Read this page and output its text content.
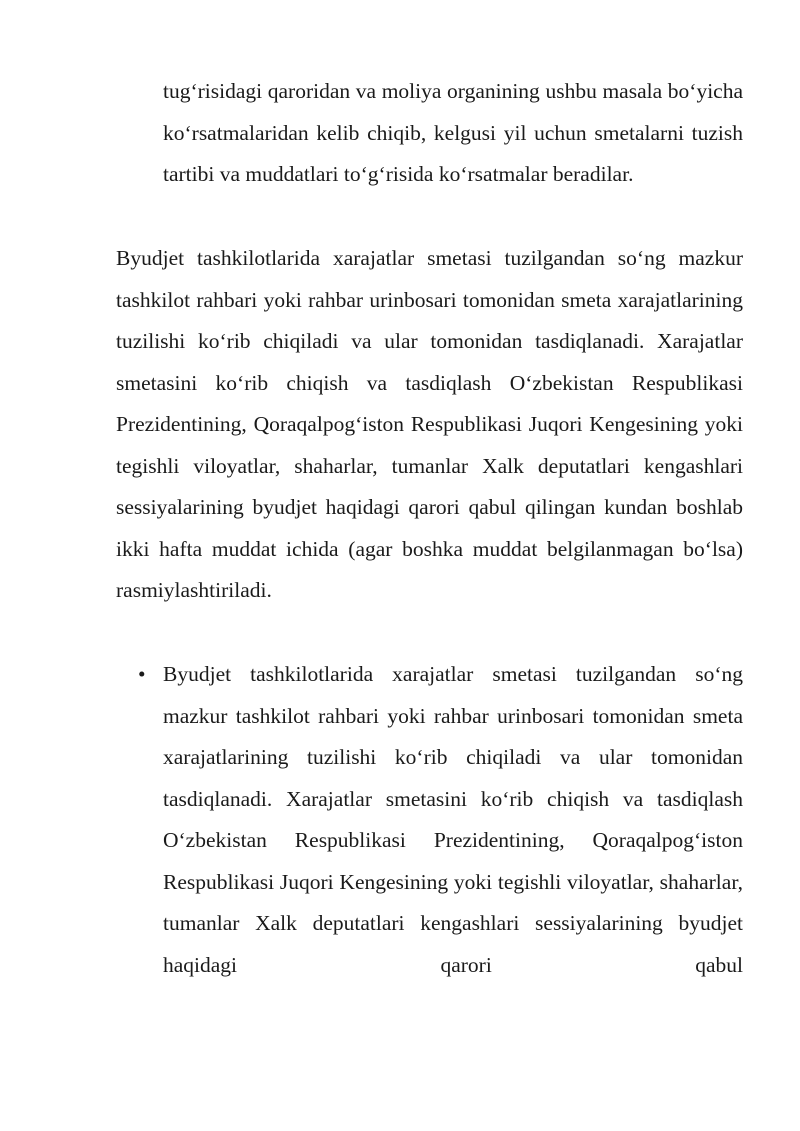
tug‘risidagi qaroridan va moliya organining ushbu masala bo‘yicha ko‘rsatmalaridan kelib chiqib, kelgusi yil uchun smetalarni tuzish tartibi va muddatlari to‘g‘risida ko‘rsatmalar beradilar.

Byudjet tashkilotlarida xarajatlar smetasi tuzilgandan so‘ng mazkur tashkilot rahbari yoki rahbar urinbosari tomonidan smeta xarajatlarining tuzilishi ko‘rib chiqiladi va ular tomonidan tasdiqlanadi. Xarajatlar smetasini ko‘rib chiqish va tasdiqlash O‘zbekistan Respublikasi Prezidentining, Qoraqalpog‘iston Respublikasi Juqori Kengesining yoki tegishli viloyatlar, shaharlar, tumanlar Xalk deputatlari kengashlari sessiyalarining byudjet haqidagi qarori qabul qilingan kundan boshlab ikki hafta muddat ichida (agar boshka muddat belgilanmagan bo‘lsa) rasmiylashtiriladi.

• Byudjet tashkilotlarida xarajatlar smetasi tuzilgandan so‘ng mazkur tashkilot rahbari yoki rahbar urinbosari tomonidan smeta xarajatlarining tuzilishi ko‘rib chiqiladi va ular tomonidan tasdiqlanadi. Xarajatlar smetasini ko‘rib chiqish va tasdiqlash O‘zbekistan Respublikasi Prezidentining, Qoraqalpog‘iston Respublikasi Juqori Kengesining yoki tegishli viloyatlar, shaharlar, tumanlar Xalk deputatlari kengashlari sessiyalarining byudjet haqidagi qarori qabul
